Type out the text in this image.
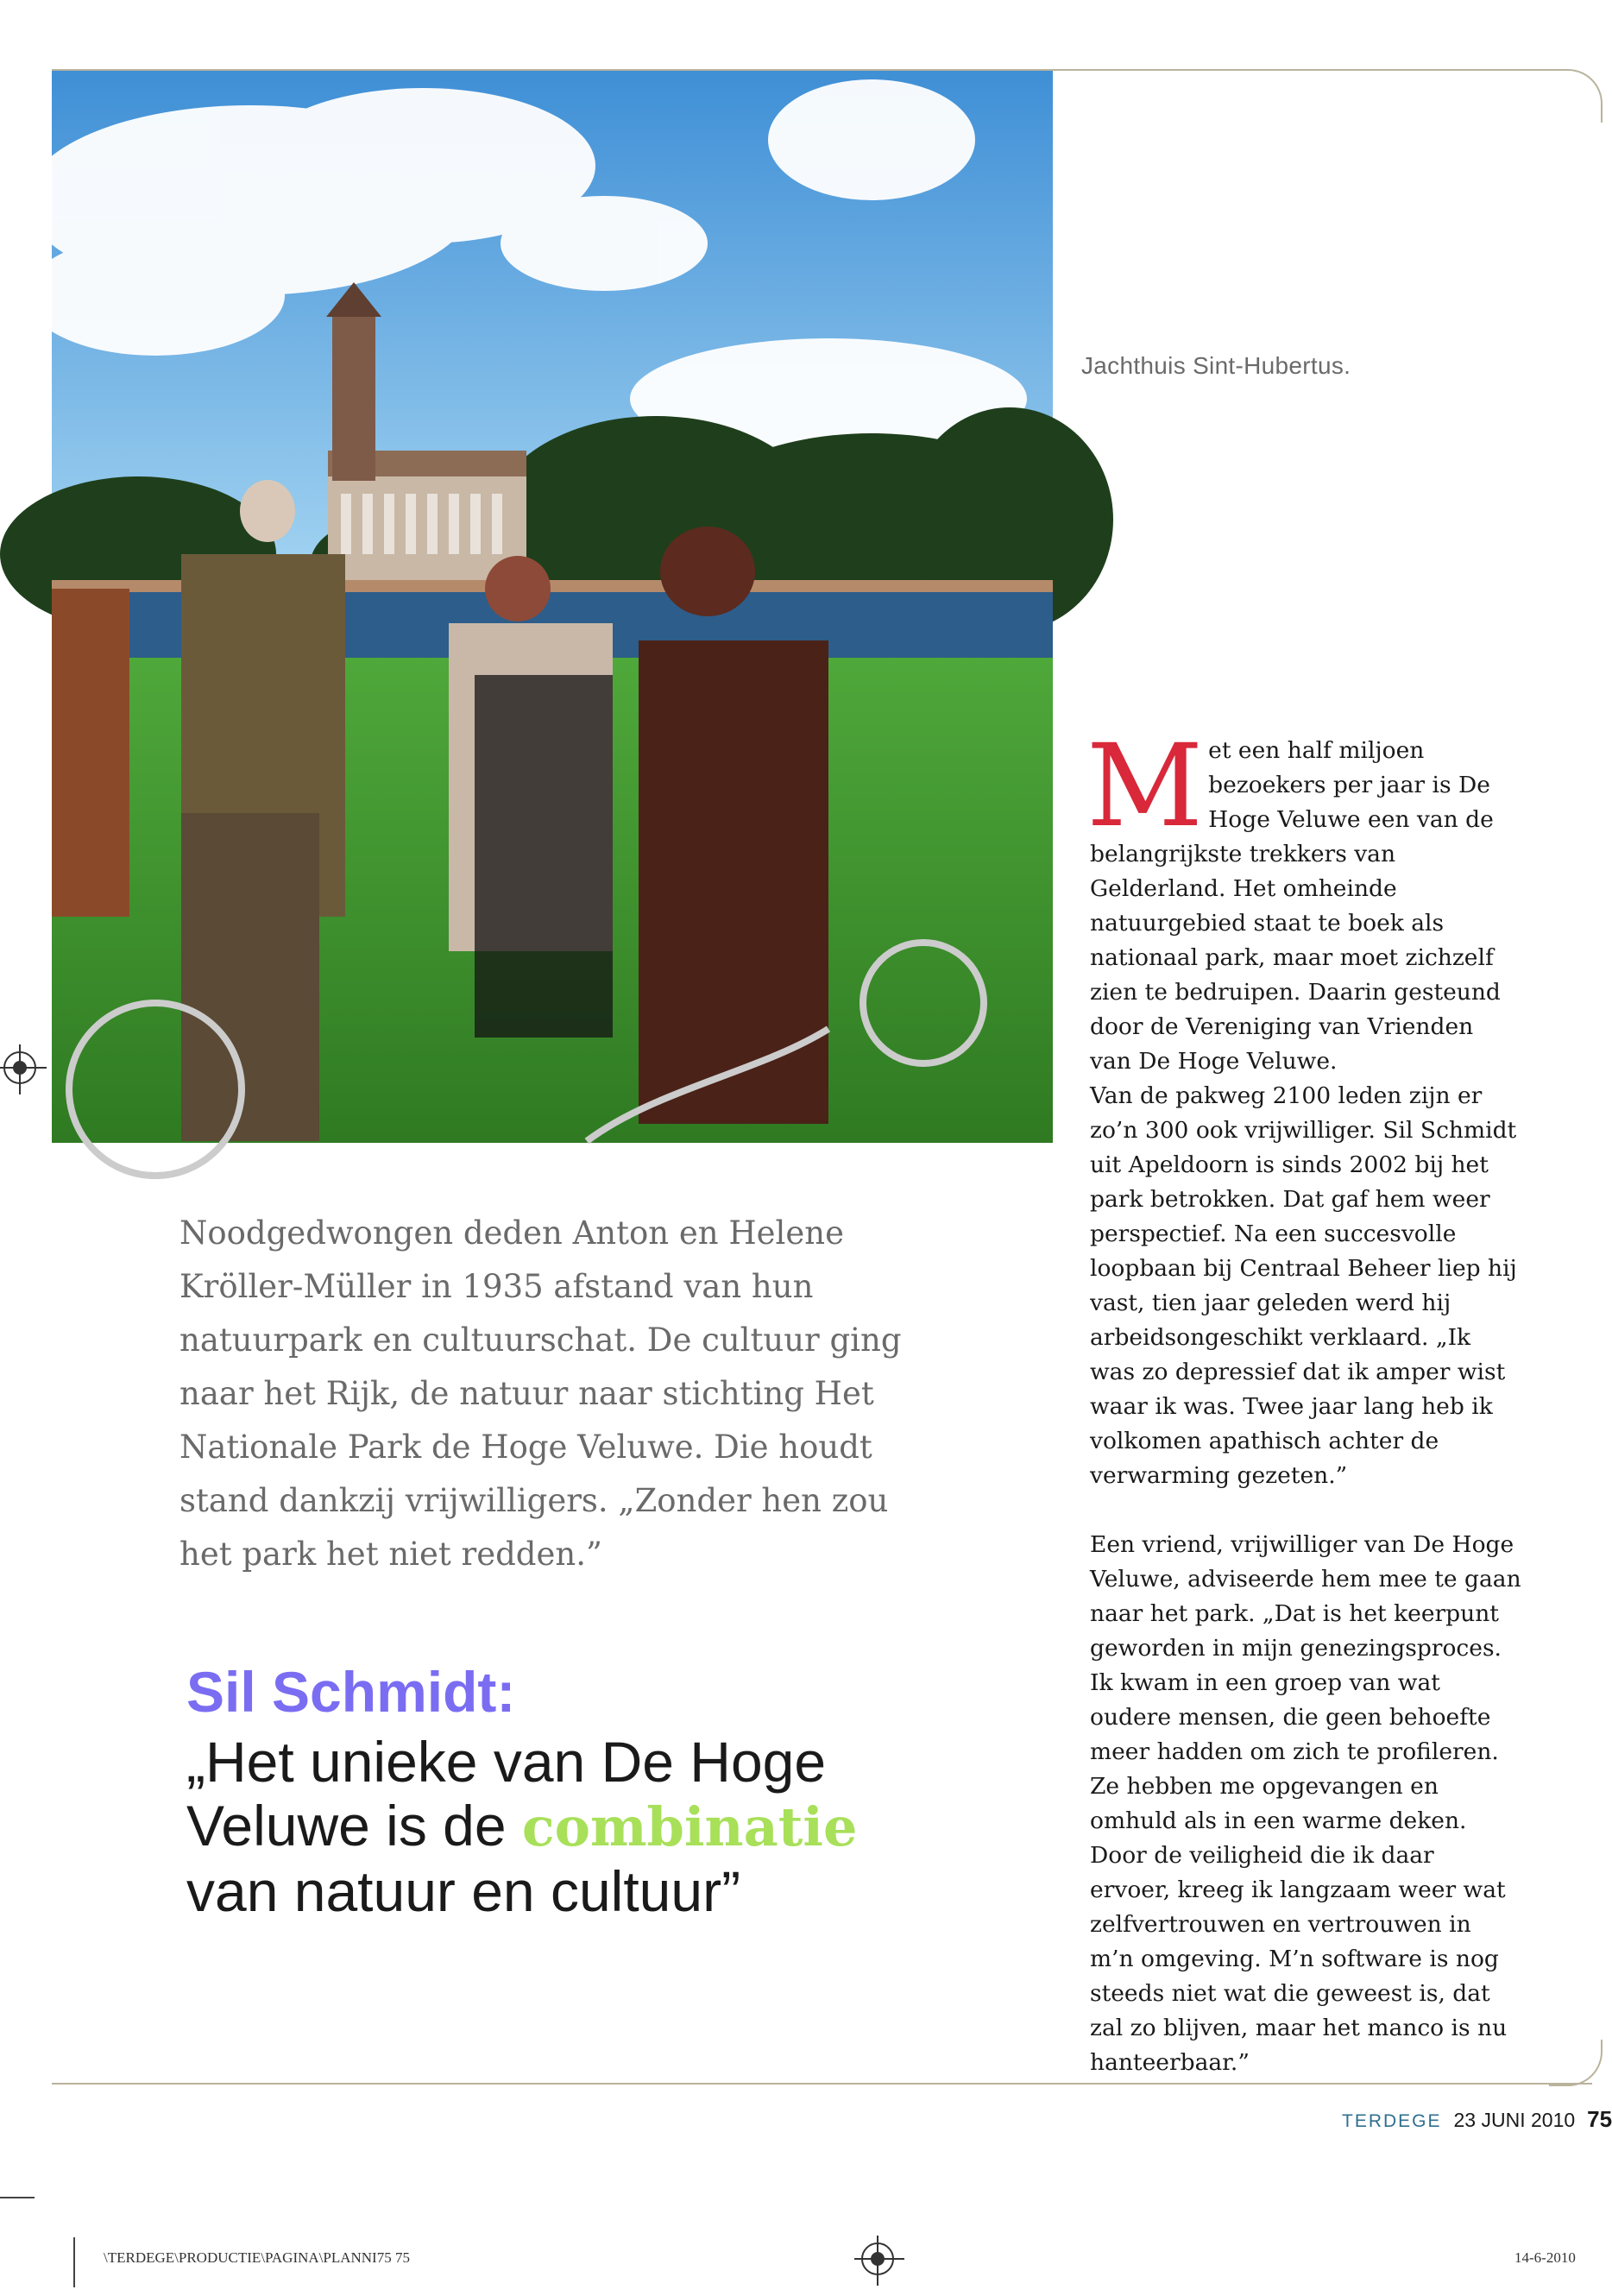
Jachthuis Sint-Hubertus.

Noodgedwongen deden Anton en Helene Kröller-Müller in 1935 afstand van hun natuurpark en cultuurschat. De cultuur ging naar het Rijk, de natuur naar stichting Het Nationale Park de Hoge Veluwe. Die houdt stand dankzij vrijwilligers. „Zonder hen zou het park het niet redden.”

Sil Schmidt:

„Het unieke van De Hoge Veluwe is de combinatie van natuur en cultuur”

M et een half miljoen bezoekers per jaar is De Hoge Veluwe een van de belangrijkste trekkers van Gelderland. Het omheinde natuurgebied staat te boek als nationaal park, maar moet zichzelf zien te bedruipen. Daarin gesteund door de Vereniging van Vrienden van De Hoge Veluwe.

Van de pakweg 2100 leden zijn er zo’n 300 ook vrijwilliger. Sil Schmidt uit Apeldoorn is sinds 2002 bij het park betrokken. Dat gaf hem weer perspectief. Na een succesvolle loopbaan bij Centraal Beheer liep hij vast, tien jaar geleden werd hij arbeidsongeschikt verklaard. „Ik was zo depressief dat ik amper wist waar ik was. Twee jaar lang heb ik volkomen apathisch achter de verwarming gezeten.”

Een vriend, vrijwilliger van De Hoge Veluwe, adviseerde hem mee te gaan naar het park. „Dat is het keerpunt geworden in mijn genezingsproces. Ik kwam in een groep van wat oudere mensen, die geen behoefte meer hadden om zich te profileren. Ze hebben me opgevangen en omhuld als in een warme deken. Door de veiligheid die ik daar ervoer, kreeg ik langzaam weer wat zelfvertrouwen en vertrouwen in m’n omgeving. M’n software is nog steeds niet wat die geweest is, dat zal zo blijven, maar het manco is nu hanteerbaar.”

TERDEGE 23 JUNI 2010 75
\TERDEGE\PRODUCTIE\PAGINA\PLANNI75 75	14-6-2010
